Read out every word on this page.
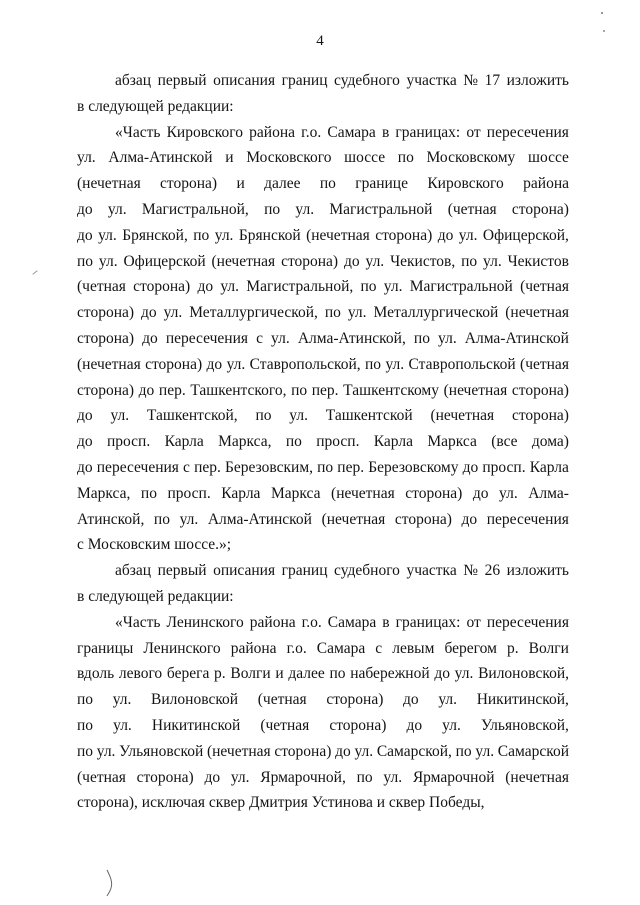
4
абзац первый описания границ судебного участка № 17 изложить
в следующей редакции:
«Часть Кировского района г.о. Самара в границах: от пересечения
ул. Алма-Атинской и Московского шоссе по Московскому шоссе
(нечетная сторона) и далее по границе Кировского района
до ул. Магистральной, по ул. Магистральной (четная сторона)
до ул. Брянской, по ул. Брянской (нечетная сторона) до ул. Офицерской,
по ул. Офицерской (нечетная сторона) до ул. Чекистов, по ул. Чекистов
(четная сторона) до ул. Магистральной, по ул. Магистральной (четная
сторона) до ул. Металлургической, по ул. Металлургической (нечетная
сторона) до пересечения с ул. Алма-Атинской, по ул. Алма-Атинской
(нечетная сторона) до ул. Ставропольской, по ул. Ставропольской (четная
сторона) до пер. Ташкентского, по пер. Ташкентскому (нечетная сторона)
до ул. Ташкентской, по ул. Ташкентской (нечетная сторона)
до просп. Карла Маркса, по просп. Карла Маркса (все дома)
до пересечения с пер. Березовским, по пер. Березовскому до просп. Карла
Маркса, по просп. Карла Маркса (нечетная сторона) до ул. Алма-
Атинской, по ул. Алма-Атинской (нечетная сторона) до пересечения
с Московским шоссе.»;
абзац первый описания границ судебного участка № 26 изложить
в следующей редакции:
«Часть Ленинского района г.о. Самара в границах: от пересечения
границы Ленинского района г.о. Самара с левым берегом р. Волги
вдоль левого берега р. Волги и далее по набережной до ул. Вилоновской,
по ул. Вилоновской (четная сторона) до ул. Никитинской,
по ул. Никитинской (четная сторона) до ул. Ульяновской,
по ул. Ульяновской (нечетная сторона) до ул. Самарской, по ул. Самарской
(четная сторона) до ул. Ярмарочной, по ул. Ярмарочной (нечетная
сторона), исключая сквер Дмитрия Устинова и сквер Победы,
